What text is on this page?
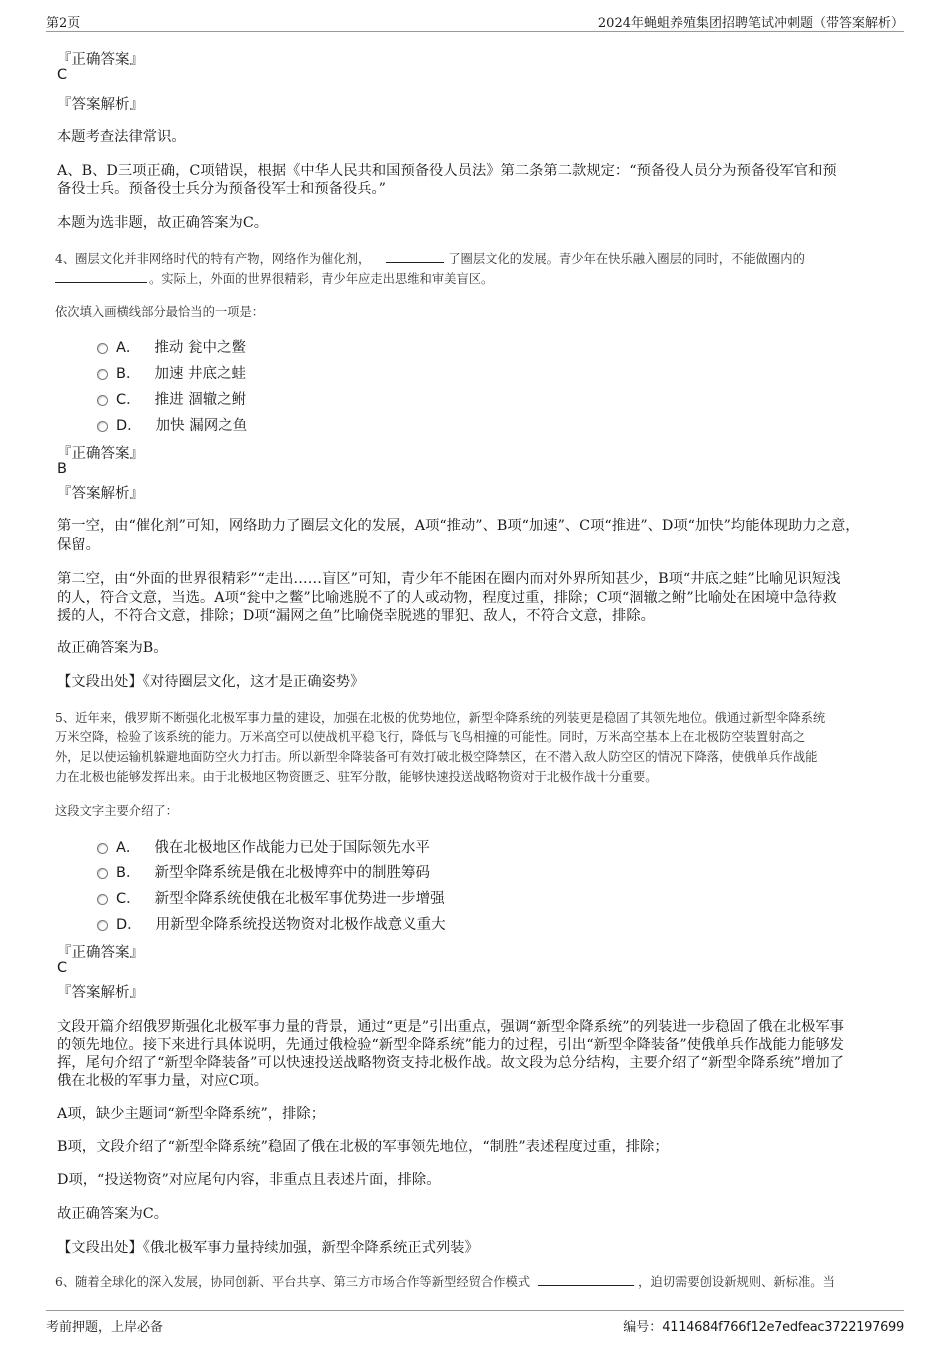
第2页	2024年蝇蛆养殖集团招聘笔试冲刺题（带答案解析）
『正确答案』
C
『答案解析』
本题考查法律常识。
A、B、D三项正确，C项错误，根据《中华人民共和国预备役人员法》第二条第二款规定：“预备役人员分为预备役军官和预
备役士兵。预备役士兵分为预备役军士和预备役兵。”
本题为选非题，故正确答案为C。
4、圈层文化并非网络时代的特有产物，网络作为催化剂，	了圈层文化的发展。青少年在快乐融入圈层的同时，不能做圈内的
。实际上，外面的世界很精彩，青少年应走出思维和审美盲区。
依次填入画横线部分最恰当的一项是：
A． 推动 瓮中之鳖
B． 加速 井底之蛙
C． 推进 涸辙之鲋
D． 加快 漏网之鱼
『正确答案』
B
『答案解析』
第一空，由“催化剂”可知，网络助力了圈层文化的发展，A项“推动”、B项“加速”、C项“推进”、D项“加快”均能体现助力之意，
保留。
第二空，由“外面的世界很精彩”“走出……盲区”可知，青少年不能困在圈内而对外界所知甚少，B项“井底之蛙”比喻见识短浅
的人，符合文意，当选。A项“瓮中之鳖”比喻逃脱不了的人或动物，程度过重，排除；C项“涸辙之鲋”比喻处在困境中急待救
援的人，不符合文意，排除；D项“漏网之鱼”比喻侥幸脱逃的罪犯、敌人，不符合文意，排除。
故正确答案为B。
【文段出处】《对待圈层文化，这才是正确姿势》
5、近年来，俄罗斯不断强化北极军事力量的建设，加强在北极的优势地位，新型伞降系统的列装更是稳固了其领先地位。俄通过新型伞降系统
万米空降，检验了该系统的能力。万米高空可以使战机平稳飞行，降低与飞鸟相撞的可能性。同时，万米高空基本上在北极防空装置射高之
外，足以使运输机躲避地面防空火力打击。所以新型伞降装备可有效打破北极空降禁区，在不潜入敌人防空区的情况下降落，使俄单兵作战能
力在北极也能够发挥出来。由于北极地区物资匮乏、驻军分散，能够快速投送战略物资对于北极作战十分重要。
这段文字主要介绍了：
A． 俄在北极地区作战能力已处于国际领先水平
B． 新型伞降系统是俄在北极博弈中的制胜筹码
C． 新型伞降系统使俄在北极军事优势进一步增强
D． 用新型伞降系统投送物资对北极作战意义重大
『正确答案』
C
『答案解析』
文段开篇介绍俄罗斯强化北极军事力量的背景，通过“更是”引出重点，强调“新型伞降系统”的列装进一步稳固了俄在北极军事
的领先地位。接下来进行具体说明，先通过俄检验“新型伞降系统”能力的过程，引出“新型伞降装备”使俄单兵作战能力能够发
挥，尾句介绍了“新型伞降装备”可以快速投送战略物资支持北极作战。故文段为总分结构，主要介绍了“新型伞降系统”增加了
俄在北极的军事力量，对应C项。
A项，缺少主题词“新型伞降系统”，排除；
B项，文段介绍了“新型伞降系统”稳固了俄在北极的军事领先地位，“制胜”表述程度过重，排除；
D项，“投送物资”对应尾句内容，非重点且表述片面，排除。
故正确答案为C。
【文段出处】《俄北极军事力量持续加强，新型伞降系统正式列装》
6、随着全球化的深入发展，协同创新、平台共享、第三方市场合作等新型经贸合作模式	，迫切需要创设新规则、新标准。当
考前押题，上岸必备	编号：4114684f766f12e7edfeac3722197699
